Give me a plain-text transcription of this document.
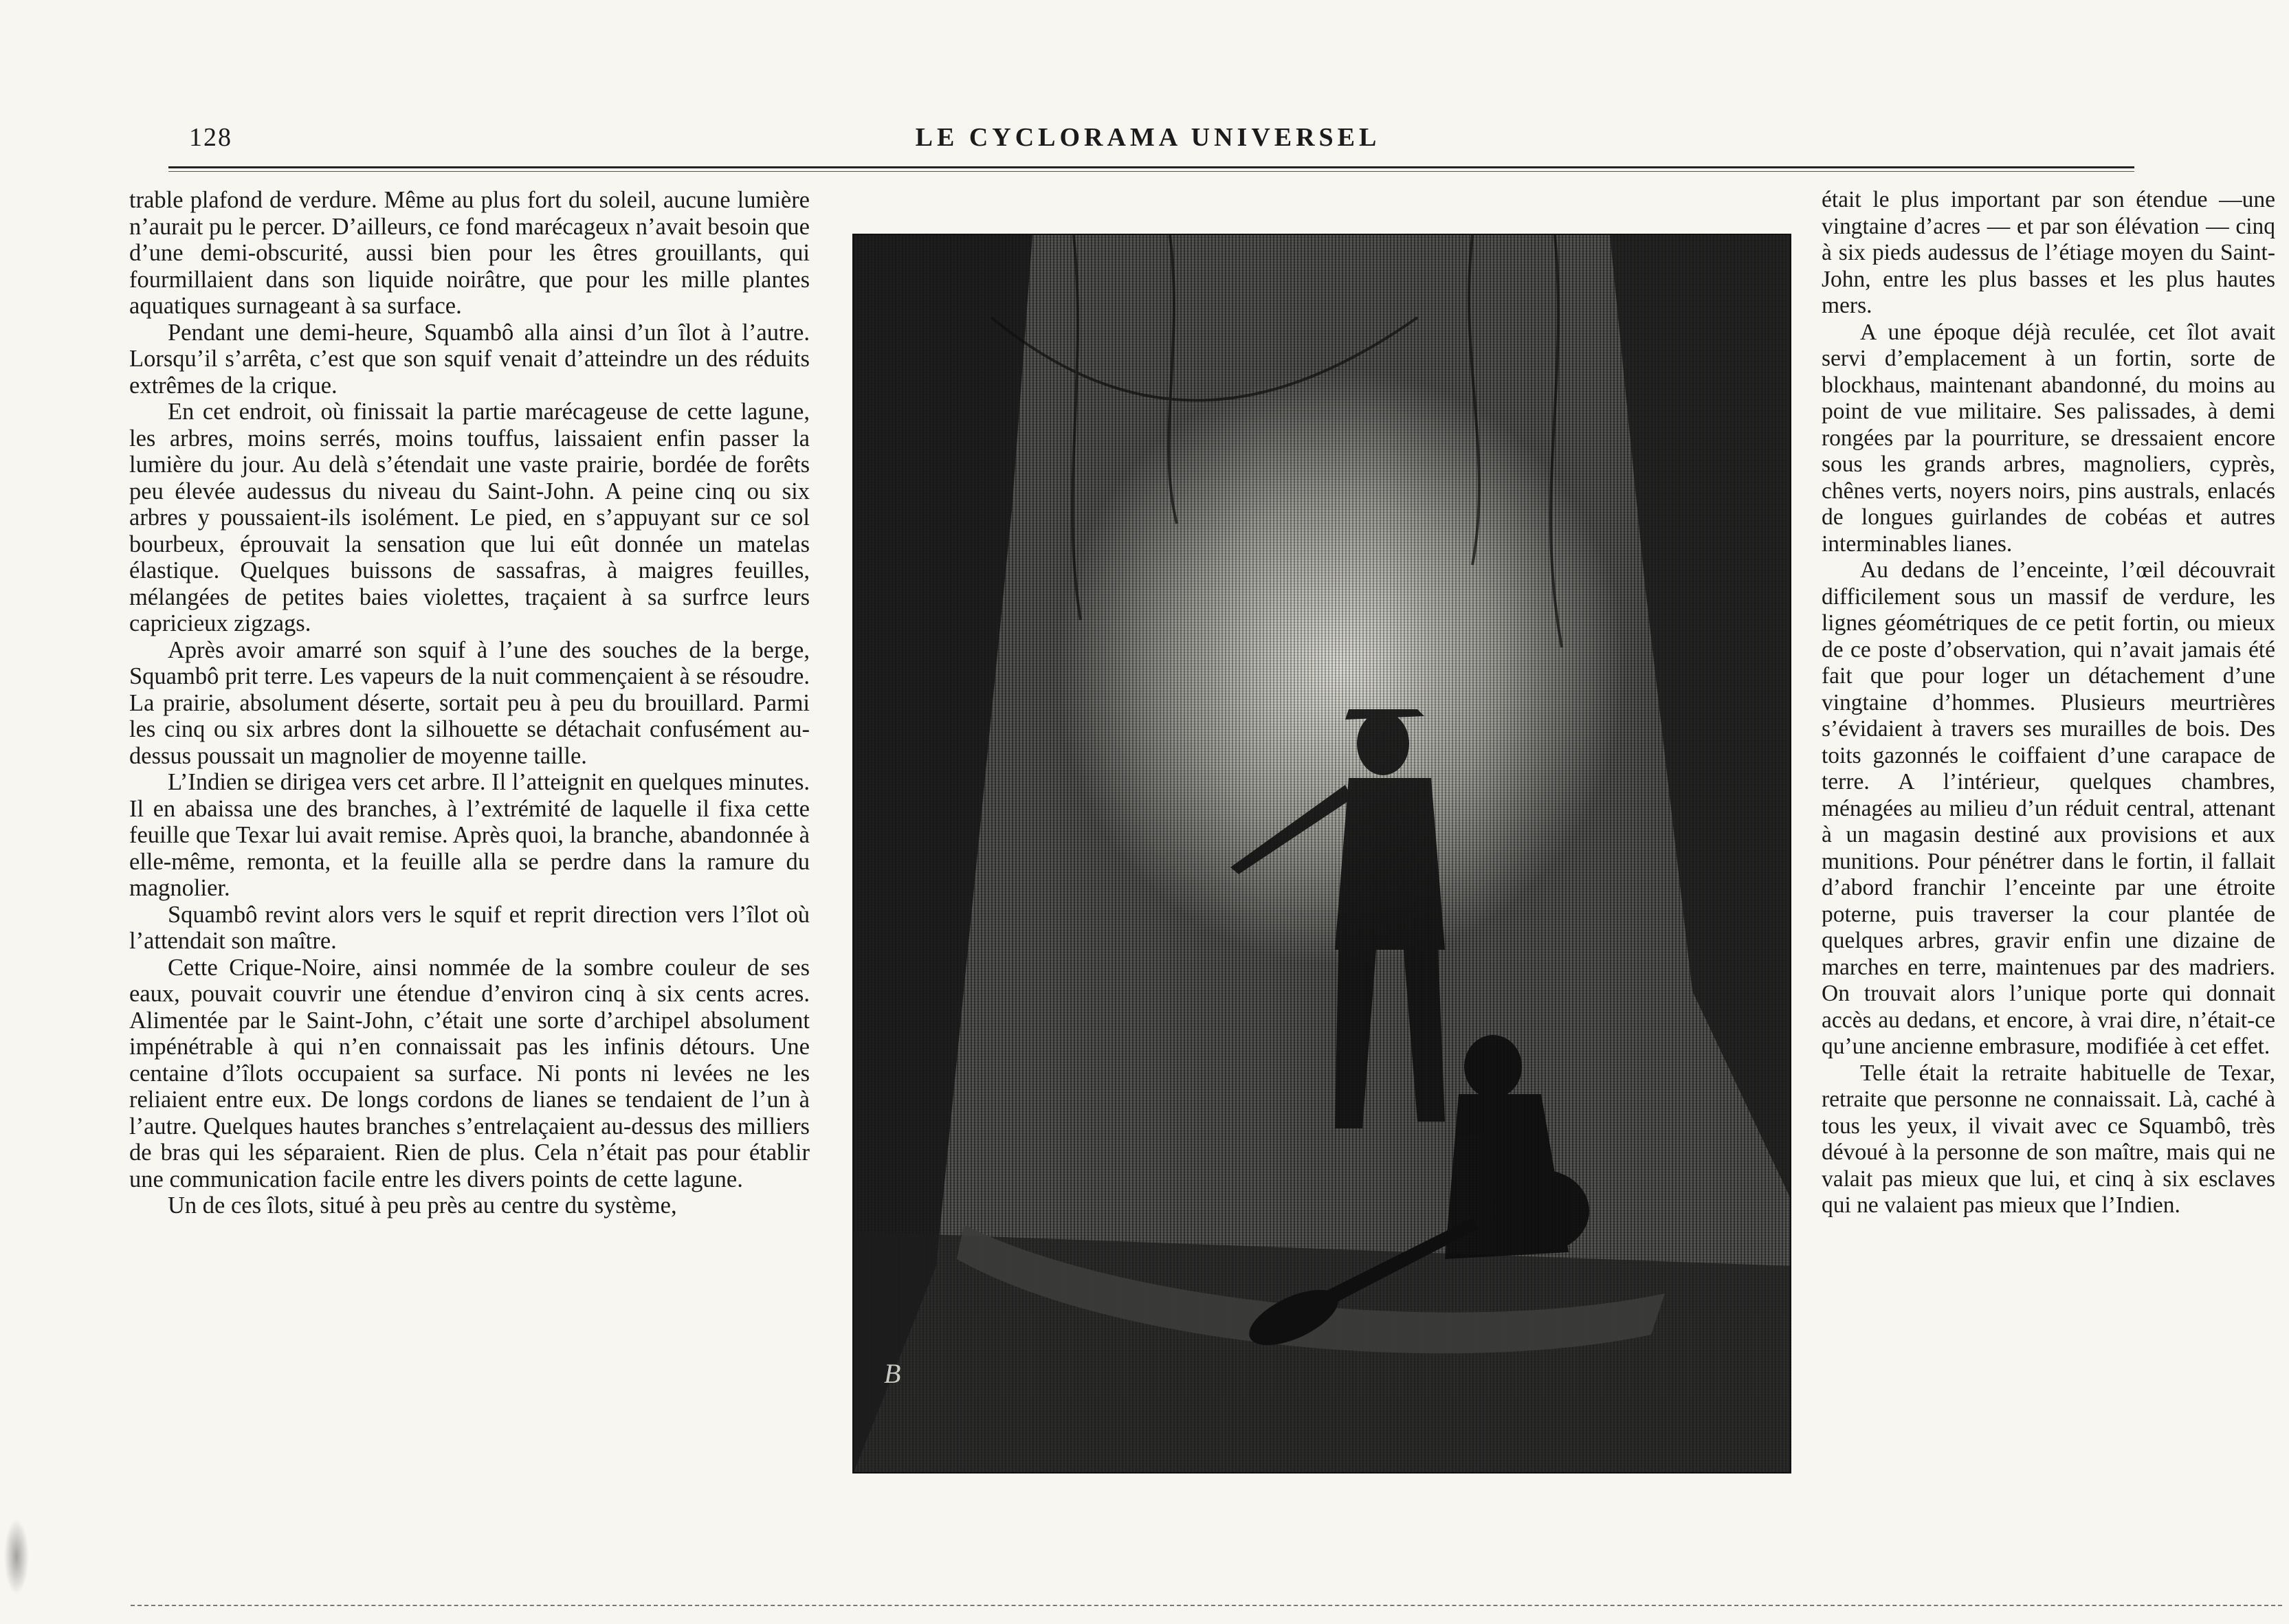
128	LE CYCLORAMA UNIVERSEL

trable plafond de verdure. Même au plus fort du soleil, aucune lumière n’aurait pu le percer. D’ailleurs, ce fond marécageux n’avait besoin que d’une demi-obscurité, aussi bien pour les êtres grouillants, qui fourmillaient dans son liquide noirâtre, que pour les mille plantes aquatiques surnageant à sa surface.

Pendant une demi-heure, Squambô alla ainsi d’un îlot à l’autre. Lorsqu’il s’arrêta, c’est que son squif venait d’atteindre un des réduits extrêmes de la crique.

En cet endroit, où finissait la partie marécageuse de cette lagune, les arbres, moins serrés, moins touffus, laissaient enfin passer la lumière du jour. Au delà s’étendait une vaste prairie, bordée de forêts peu élevée audessus du niveau du Saint-John. A peine cinq ou six arbres y poussaient-ils isolément. Le pied, en s’appuyant sur ce sol bourbeux, éprouvait la sensation que lui eût donnée un matelas élastique. Quelques buissons de sassafras, à maigres feuilles, mélangées de petites baies violettes, traçaient à sa surfrce leurs capricieux zigzags.

Après avoir amarré son squif à l’une des souches de la berge, Squambô prit terre. Les vapeurs de la nuit commençaient à se résoudre. La prairie, absolument déserte, sortait peu à peu du brouillard. Parmi les cinq ou six arbres dont la silhouette se détachait confusément au-dessus poussait un magnolier de moyenne taille.

L’Indien se dirigea vers cet arbre. Il l’atteignit en quelques minutes. Il en abaissa une des branches, à l’extrémité de laquelle il fixa cette feuille que Texar lui avait remise. Après quoi, la branche, abandonnée à elle-même, remonta, et la feuille alla se perdre dans la ramure du magnolier.

Squambô revint alors vers le squif et reprit direction vers l’îlot où l’attendait son maître.

Cette Crique-Noire, ainsi nommée de la sombre couleur de ses eaux, pouvait couvrir une étendue d’environ cinq à six cents acres. Alimentée par le Saint-John, c’était une sorte d’archipel absolument impénétrable à qui n’en connaissait pas les infinis détours. Une centaine d’îlots occupaient sa surface. Ni ponts ni levées ne les reliaient entre eux. De longs cordons de lianes se tendaient de l’un à l’autre. Quelques hautes branches s’entrelaçaient au-dessus des milliers de bras qui les séparaient. Rien de plus. Cela n’était pas pour établir une communication facile entre les divers points de cette lagune.

Un de ces îlots, situé à peu près au centre du système,

B

était le plus important par son étendue —une vingtaine d’acres — et par son élévation — cinq à six pieds audessus de l’étiage moyen du Saint-John, entre les plus basses et les plus hautes mers.

A une époque déjà reculée, cet îlot avait servi d’emplacement à un fortin, sorte de blockhaus, maintenant abandonné, du moins au point de vue militaire. Ses palissades, à demi rongées par la pourriture, se dressaient encore sous les grands arbres, magnoliers, cyprès, chênes verts, noyers noirs, pins australs, enlacés de longues guirlandes de cobéas et autres interminables lianes.

Au dedans de l’enceinte, l’œil découvrait difficilement sous un massif de verdure, les lignes géométriques de ce petit fortin, ou mieux de ce poste d’observation, qui n’avait jamais été fait que pour loger un détachement d’une vingtaine d’hommes. Plusieurs meurtrières s’évidaient à travers ses murailles de bois. Des toits gazonnés le coiffaient d’une carapace de terre. A l’intérieur, quelques chambres, ménagées au milieu d’un réduit central, attenant à un magasin destiné aux provisions et aux munitions. Pour pénétrer dans le fortin, il fallait d’abord franchir l’enceinte par une étroite poterne, puis traverser la cour plantée de quelques arbres, gravir enfin une dizaine de marches en terre, maintenues par des madriers. On trouvait alors l’unique porte qui donnait accès au dedans, et encore, à vrai dire, n’était-ce qu’une ancienne embrasure, modifiée à cet effet.

Telle était la retraite habituelle de Texar, retraite que personne ne connaissait. Là, caché à tous les yeux, il vivait avec ce Squambô, très dévoué à la personne de son maître, mais qui ne valait pas mieux que lui, et cinq à six esclaves qui ne valaient pas mieux que l’Indien.
